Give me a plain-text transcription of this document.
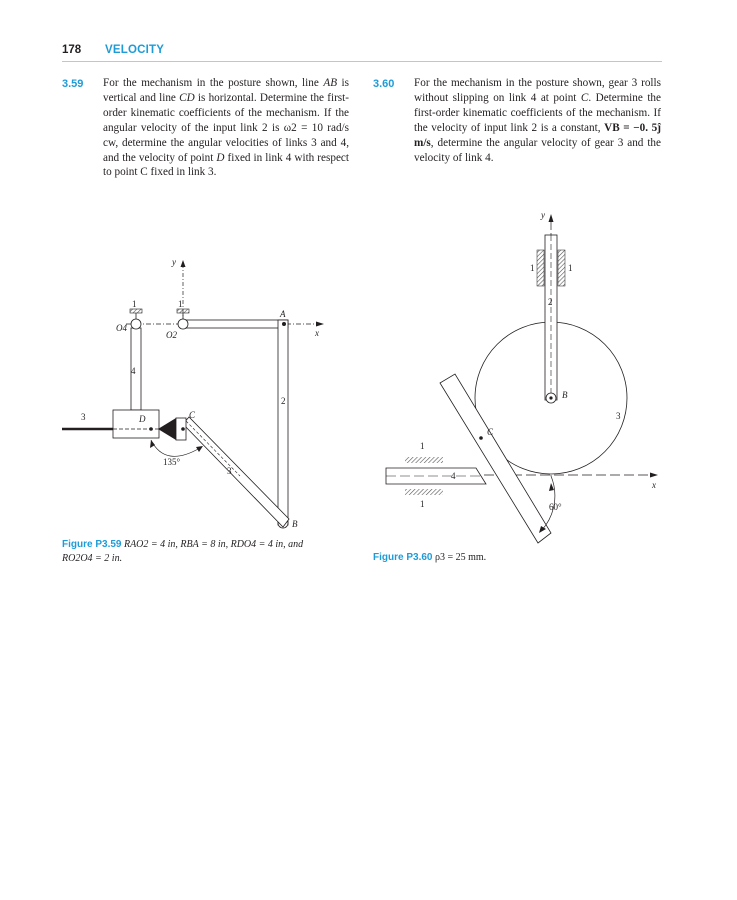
178 VELOCITY
3.59 For the mechanism in the posture shown, line AB is vertical and line CD is horizontal. Determine the first-order kinematic coefficients of the mechanism. If the angular velocity of the input link 2 is ω2 = 10 rad/s cw, determine the angular velocities of links 3 and 4, and the velocity of point D fixed in link 4 with respect to point C fixed in link 3.
3.60 For the mechanism in the posture shown, gear 3 rolls without slipping on link 4 at point C. Determine the first-order kinematic coefficients of the mechanism. If the velocity of input link 2 is a constant, VB = −0. 5ĵ m/s, determine the angular velocity of gear 3 and the velocity of link 4.
y
x
1	1
O4
O2
A
B
C
D
2
3
3
4
135°
y
x
1	1
1
1
2
3
4
B
C
60°
Figure P3.59 RAO2 = 4 in, RBA = 8 in, RDO4 = 4 in, and RO2O4 = 2 in.	Figure P3.60 ρ3 = 25 mm.
